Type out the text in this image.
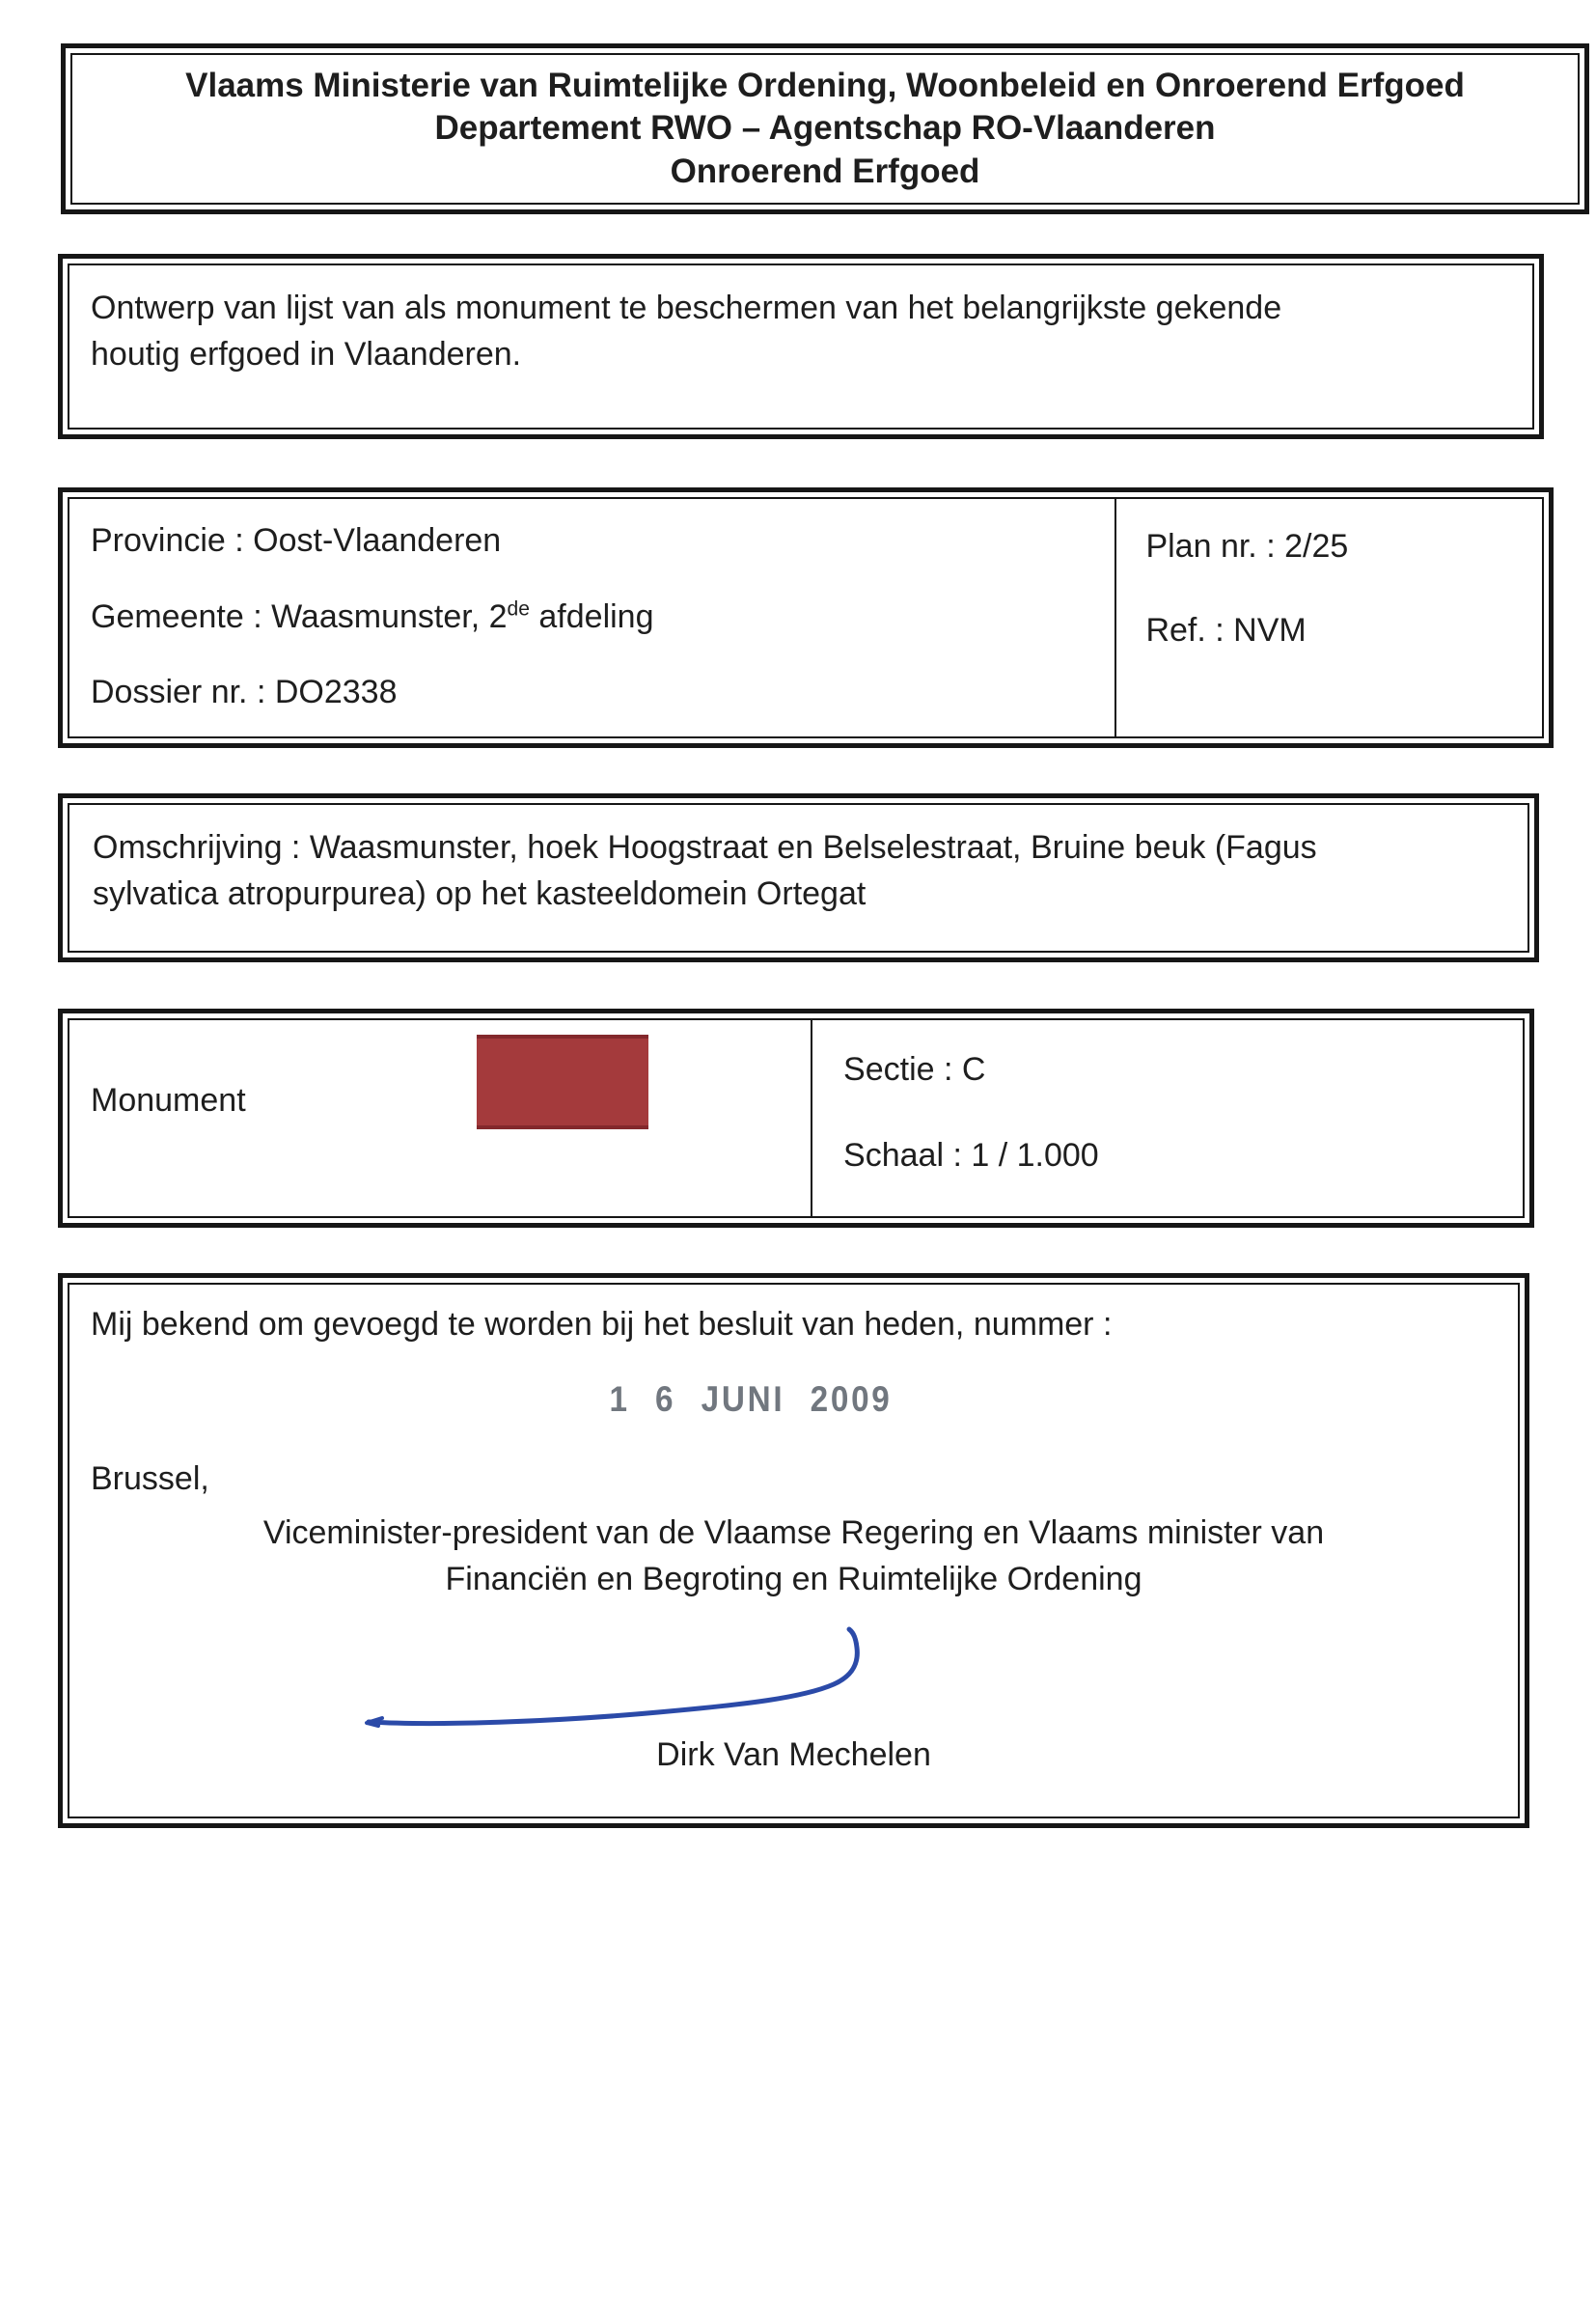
Vlaams Ministerie van Ruimtelijke Ordening, Woonbeleid en Onroerend Erfgoed
Departement RWO – Agentschap RO-Vlaanderen
Onroerend Erfgoed
Ontwerp van lijst van als monument te beschermen van het belangrijkste gekende
houtig erfgoed in Vlaanderen.
Provincie : Oost-Vlaanderen
Gemeente : Waasmunster, 2de afdeling
Dossier nr. : DO2338
Plan nr. : 2/25
Ref. : NVM
Omschrijving : Waasmunster, hoek Hoogstraat en Belselestraat, Bruine beuk (Fagus
sylvatica atropurpurea) op het kasteeldomein Ortegat
Monument
Sectie : C
Schaal : 1 / 1.000
Mij bekend om gevoegd te worden bij het besluit van heden, nummer :
1 6 JUNI 2009
Brussel,
Viceminister-president van de Vlaamse Regering en Vlaams minister van
Financiën en Begroting en Ruimtelijke Ordening
Dirk Van Mechelen
